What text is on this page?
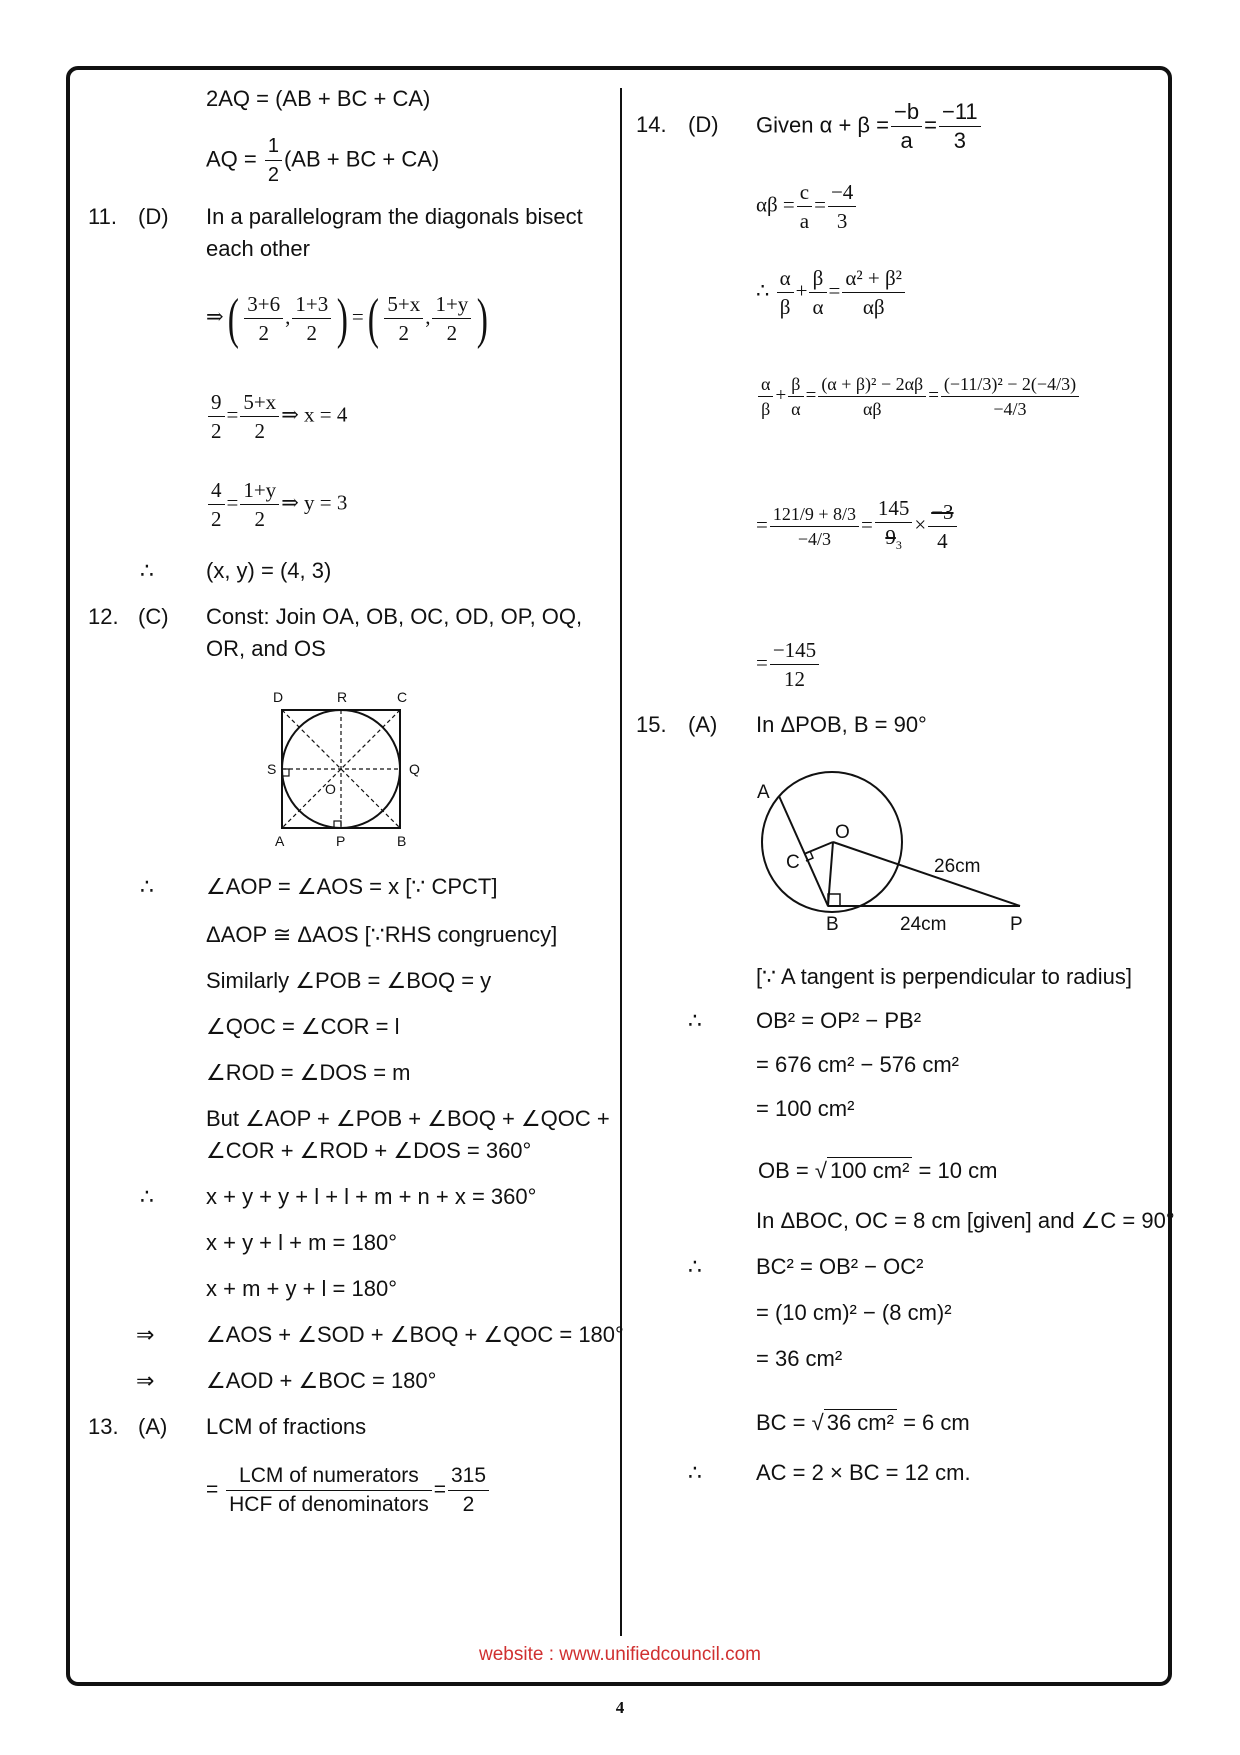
2AQ = (AB + BC + CA)
AQ = $\frac{1}{2} (AB$ + BC + CA)
11. (D) In a parallelogram the diagonals bisect
each other
⇒( $\frac{3+6}{2}$ , $\frac{1+3}{2}$ ) =( $\frac{5+x}{2}$ , $\frac{1+y}{2}$ )
$\frac{9}{2} = \frac{5+x}{2}$ ⇒ x = 4
$\frac{4}{2} = \frac{1+y}{2}$ ⇒ y = 3
∴ (x, y) = (4, 3)
12. (C) Const: Join OA, OB, OC, OD, OP, OQ,
OR, and OS
D	R	C
S	Q
O
A	P	B
∴ ∠AOP = ∠AOS = x [∵ CPCT]
ΔAOP ≅ ΔAOS [∵RHS congruency]
Similarly ∠POB = ∠BOQ = y
∠QOC = ∠COR = l
∠ROD = ∠DOS = m
But ∠AOP + ∠POB + ∠BOQ + ∠QOC +
∠COR + ∠ROD + ∠DOS = 360°
∴ x + y + y + l + l + m + n + x = 360°
x + y + l + m = 180°
x + m + y + l = 180°
⇒ ∠AOS + ∠SOD + ∠BOQ + ∠QOC = 180°
⇒ ∠AOD + ∠BOC = 180°
13. (A) LCM of fractions
= $\frac{\text{LCM of numerators}}{\text{HCF of denominators}} = \frac{315}{2}$
14. (D) Given $\alpha + \beta = \frac{-b}{a} = \frac{-11}{3}$
$\alpha\beta = \frac{c}{a} = \frac{-4}{3}$
∴ $\frac{\alpha}{\beta} + \frac{\beta}{\alpha} = \frac{\text{α² + β²}}{\alpha\beta}$
$\frac{\alpha}{\beta} + \frac{\beta}{\alpha} = \frac{\text{(α + β)² − 2αβ}}{\alpha\beta} = \frac{\text{(−11/3)² − 2(−4/3)}}{-4/3}$
= $\frac{121/9 + 8/3}{-4/3} = \frac{145}{9_3} \times \frac{-3}{4}$
= $\frac{-145}{12}$
15. (A) In ΔPOB, B = 90°
A
O
C
B	P
26cm
24cm
[∵ A tangent is perpendicular to radius]
∴ OB² = OP² − PB²
= 676 cm² − 576 cm²
= 100 cm²
OB = √ 100 cm² = 10 cm
In ΔBOC, OC = 8 cm [given] and ∠C = 90°
∴ BC² = OB² − OC²
= (10 cm)² − (8 cm)²
= 36 cm²
BC = √ 36 cm² = 6 cm
∴ AC = 2 × BC = 12 cm.
website : www.unifiedcouncil.com
4
